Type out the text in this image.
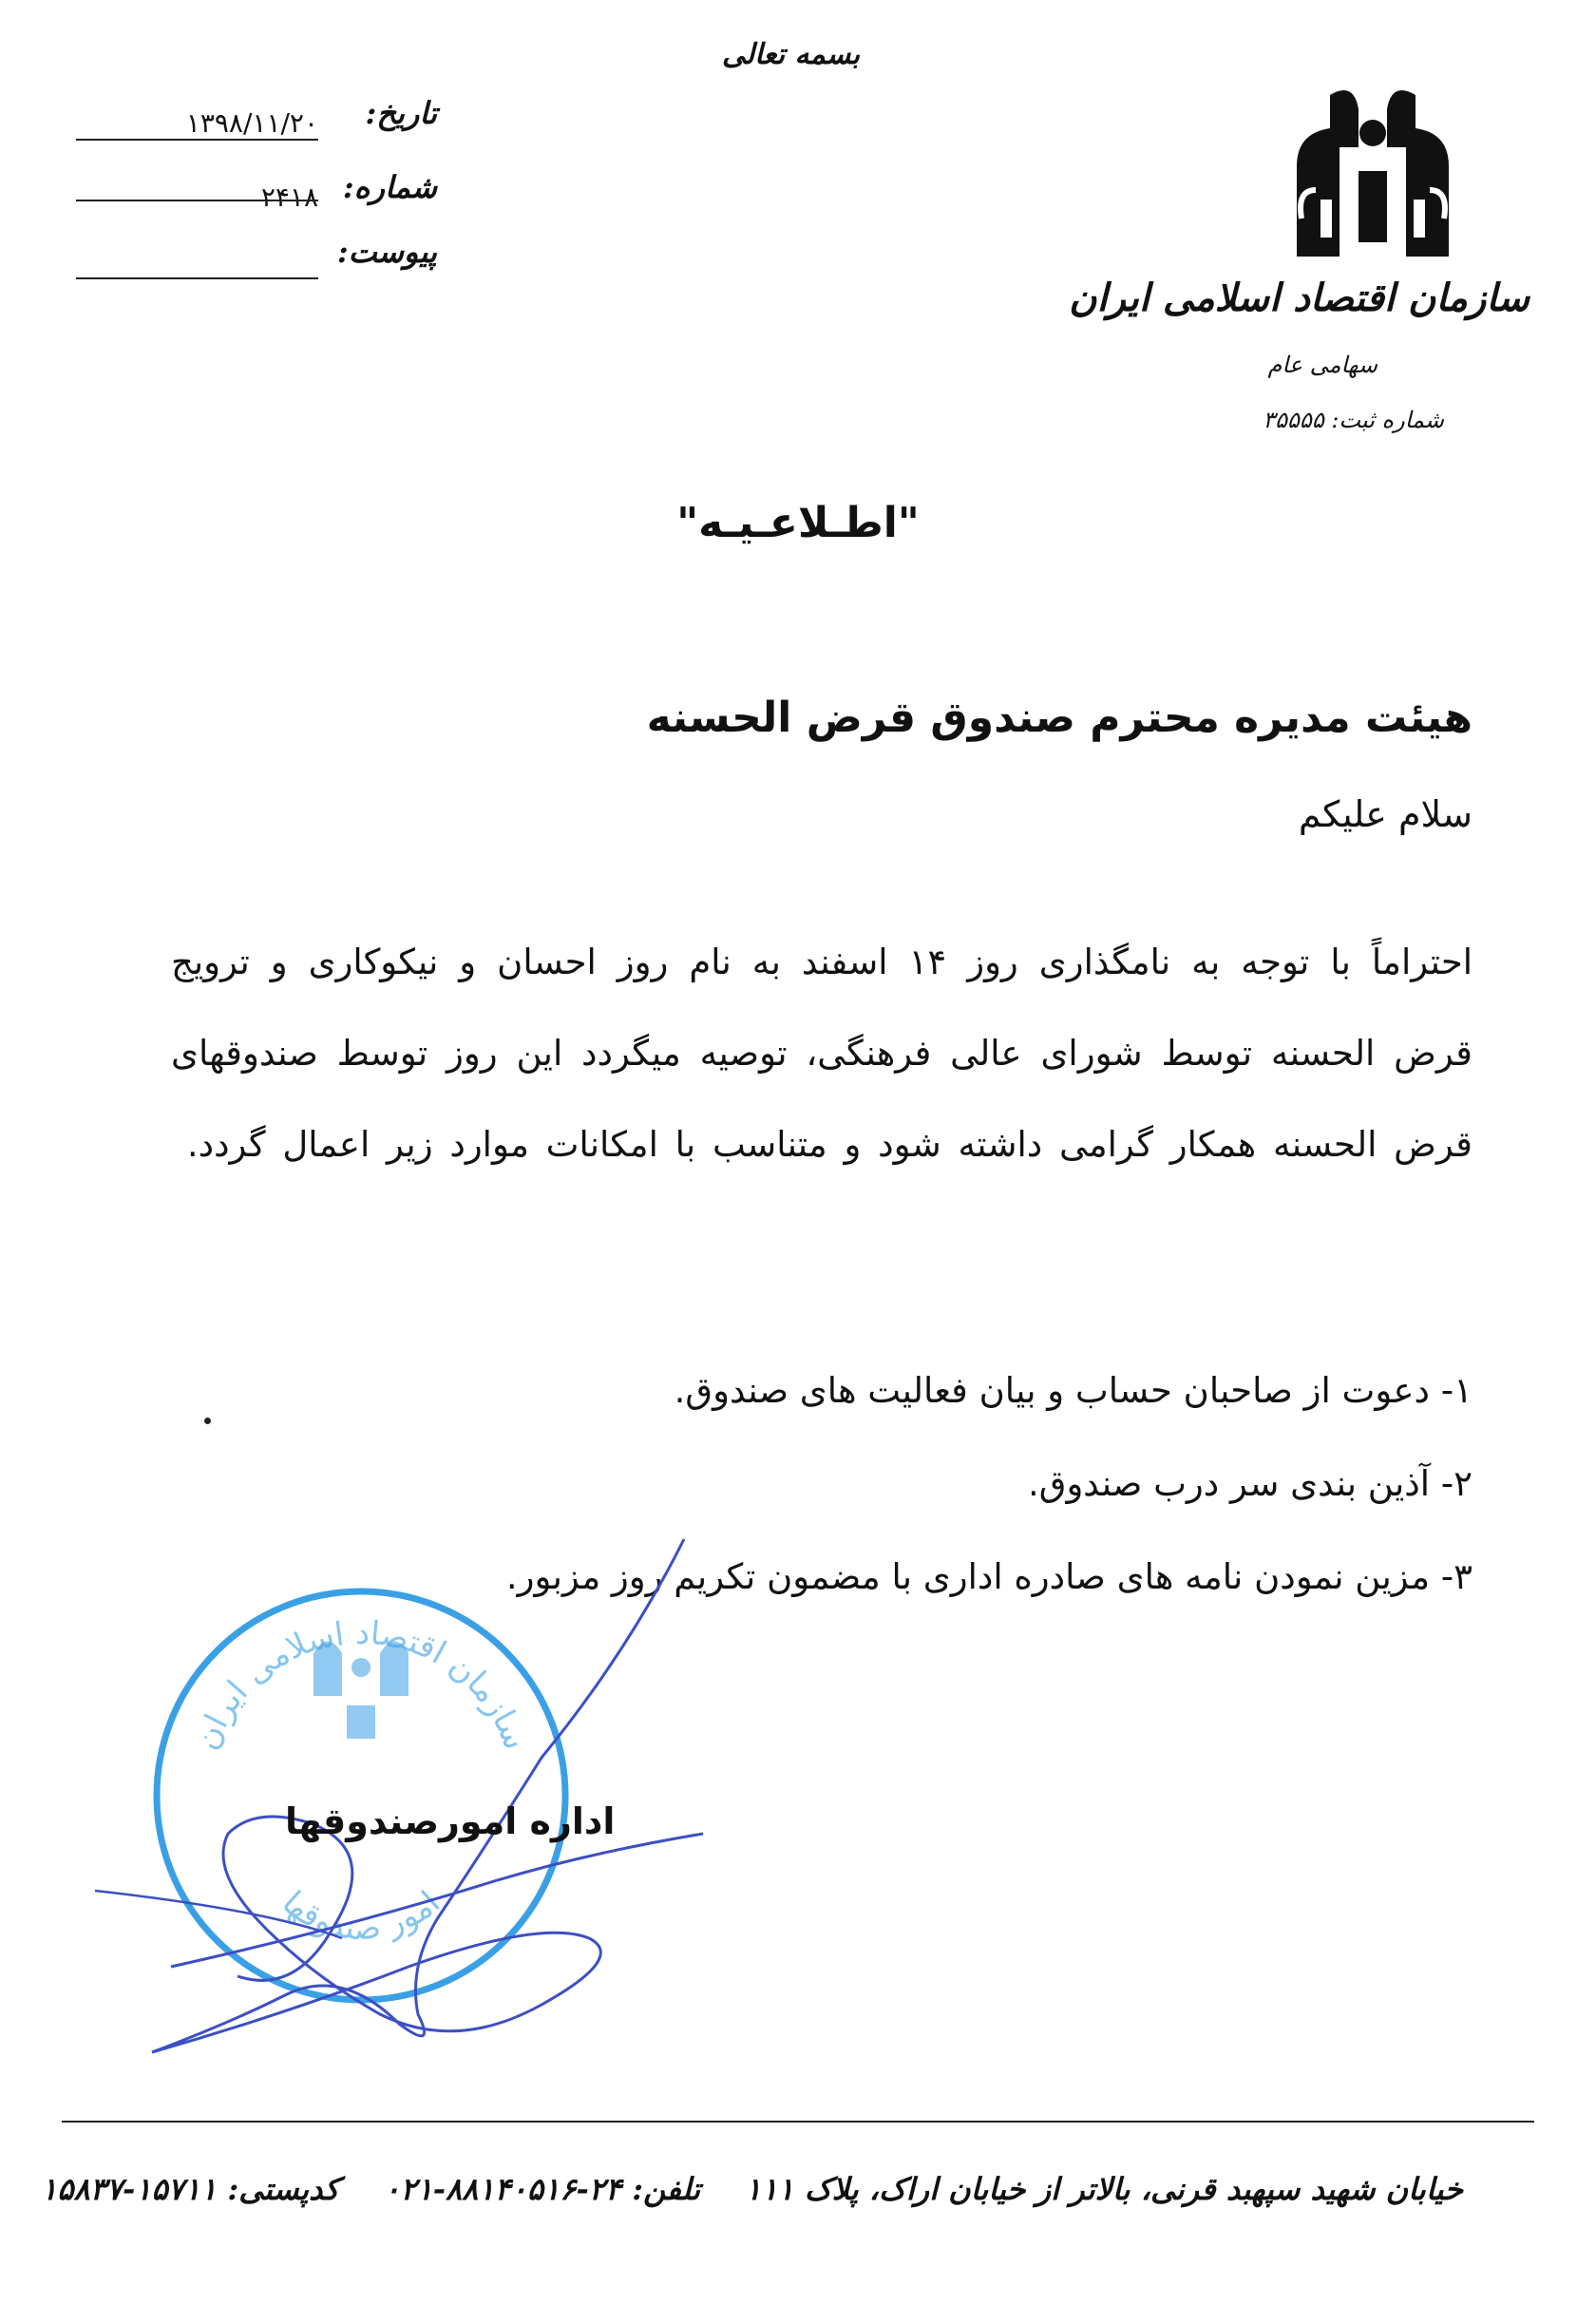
بسمه تعالی
تاریخ:
۱۳۹۸/۱۱/۲۰
شماره:
۲۴۱۸
پیوست:
سازمان اقتصاد اسلامی ایران
سهامی عام
شماره ثبت: ۳۵۵۵۵
"اطـلاعـیـه"
هیئت مدیره محترم صندوق قرض الحسنه
سلام علیکم
احتراماً با توجه به نامگذاری روز ۱۴ اسفند به نام روز احسان و نیکوکاری و ترویج قرض الحسنه توسط شورای عالی فرهنگی، توصیه میگردد این روز توسط صندوقهای قرض الحسنه همکار گرامی داشته شود و متناسب با امکانات موارد زیر اعمال گردد.
۱- دعوت از صاحبان حساب و بیان فعالیت های صندوق.
۲- آذین بندی سر درب صندوق.
۳- مزین نمودن نامه های صادره اداری با مضمون تکریم روز مزبور.
سازمان اقتصاد اسلامی ایران
امور صندوقها
اداره امورصندوقها
خیابان شهید سپهبد قرنی، بالاتر از خیابان اراک، پلاک ۱۱۱ تلفن: ۲۴-۸۸۱۴۰۵۱۶-۰۲۱ کدپستی: ۱۵۷۱۱-۱۵۸۳۷
